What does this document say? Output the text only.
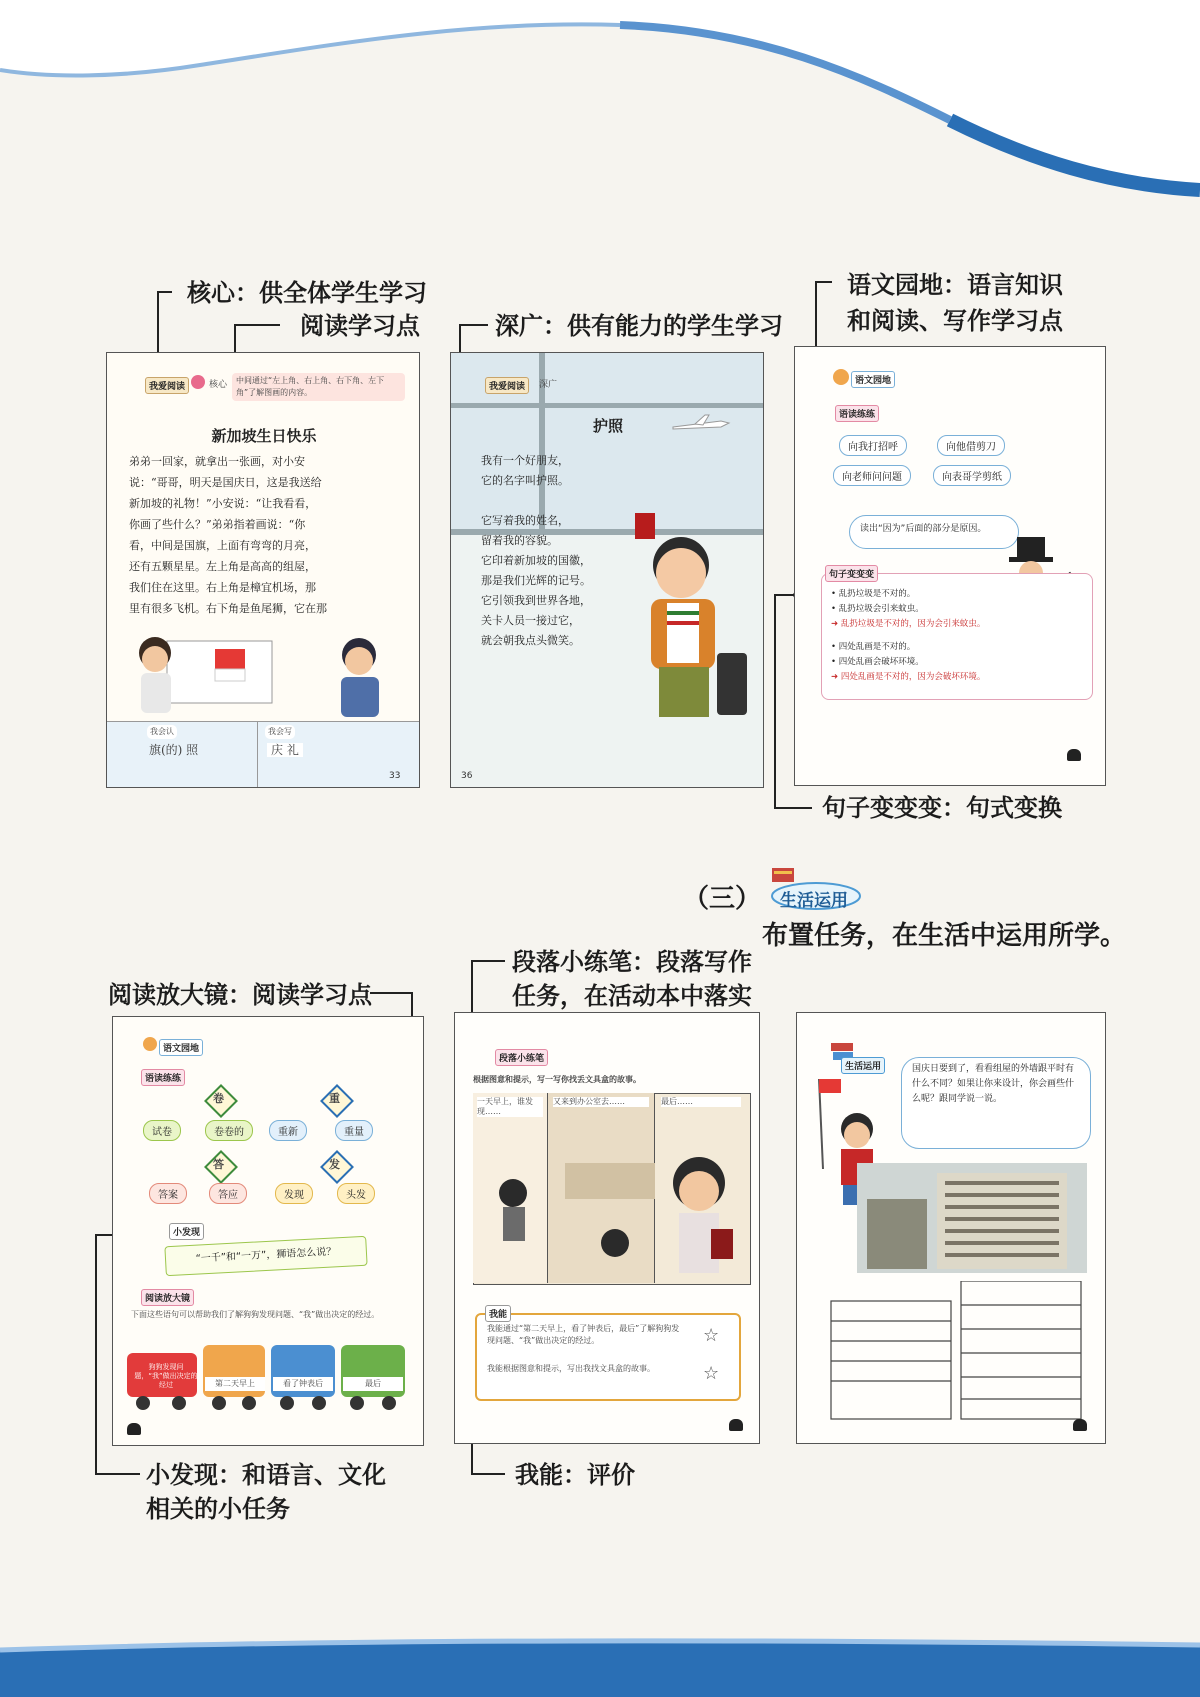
核心：供全体学生学习
阅读学习点	深广：供有能力的学生学习
语文园地：语言知识
和阅读、写作学习点
句子变变变：句式变换
阅读放大镜：阅读学习点
段落小练笔：段落写作
任务，在活动本中落实
小发现：和语言、文化
相关的小任务
我能：评价
（三） 生活运用
布置任务，在生活中运用所学。
我爱阅读	核心	中间通过“左上角、右上角、右下角、左下角”了解图画的内容。
新加坡生日快乐
弟弟一回家，就拿出一张画，对小安
说：“哥哥，明天是国庆日，这是我送给
新加坡的礼物！”小安说：“让我看看，
你画了些什么？”弟弟指着画说：“你
看，中间是国旗，上面有弯弯的月亮，
还有五颗星星。左上角是高高的组屋，
我们住在这里。右上角是樟宜机场，那
里有很多飞机。右下角是鱼尾狮，它在那
我会认
旗(的) 照
我会写
庆 礼
33
我爱阅读	深广
护照
我有一个好朋友，
它的名字叫护照。
它写着我的姓名，
留着我的容貌。
它印着新加坡的国徽，
那是我们光辉的记号。
它引领我到世界各地，
关卡人员一接过它，
就会朝我点头微笑。
36
语文园地
语读练练
向我打招呼	向他借剪刀
向老师问问题	向表哥学剪纸
读出“因为”后面的部分是原因。
句子变变变
• 乱扔垃圾是不对的。
• 乱扔垃圾会引来蚊虫。
➜ 乱扔垃圾是不对的，因为会引来蚊虫。
• 四处乱画是不对的。
• 四处乱画会破坏环境。
➜ 四处乱画是不对的，因为会破坏环境。
语文园地
语读练练
卷	重
答	发
试卷	卷卷的	重新	重量
答案	答应	发现	头发
小发现
“一千”和“一万”，狮语怎么说？
阅读放大镜
下面这些语句可以帮助我们了解狗狗发现问题、“我”做出决定的经过。
狗狗发现问题，“我”做出决定的经过	第二天早上	看了钟表后	最后
段落小练笔
根据图意和提示，写一写你找丢文具盒的故事。
一天早上，谁发现……
又来到办公室去……	最后……
我能
我能通过“第二天早上，看了钟表后，最后”了解狗狗发现问题、“我”做出决定的经过。
我能根据图意和提示，写出我找文具盒的故事。
☆
☆
生活运用	国庆日要到了，看看组屋的外墙跟平时有什么不同？如果让你来设计，你会画些什么呢？跟同学说一说。
